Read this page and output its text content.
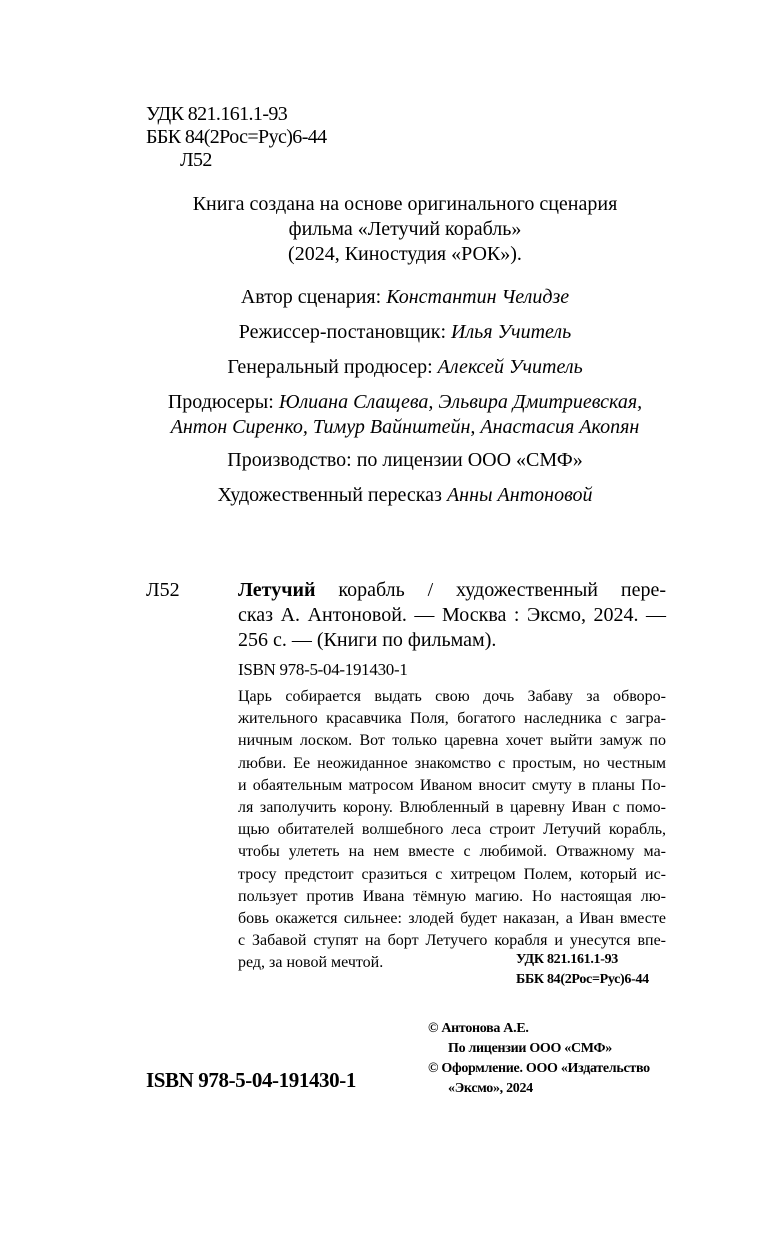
УДК 821.161.1-93
ББК 84(2Рос=Рус)6-44
Л52
Книга создана на основе оригинального сценария
фильма «Летучий корабль»
(2024, Киностудия «РОК»).
Автор сценария: Константин Челидзе
Режиссер-постановщик: Илья Учитель
Генеральный продюсер: Алексей Учитель
Продюсеры: Юлиана Слащева, Эльвира Дмитриевская,
Антон Сиренко, Тимур Вайнштейн, Анастасия Акопян
Производство: по лицензии ООО «СМФ»
Художественный пересказ Анны Антоновой
Л52	Летучий корабль / художественный пере-
сказ А. Антоновой. — Москва : Эксмо, 2024. —
256 с. — (Книги по фильмам).
ISBN 978-5-04-191430-1
Царь собирается выдать свою дочь Забаву за обворо-
жительного красавчика Поля, богатого наследника с загра-
ничным лоском. Вот только царевна хочет выйти замуж по
любви. Ее неожиданное знакомство с простым, но честным
и обаятельным матросом Иваном вносит смуту в планы По-
ля заполучить корону. Влюбленный в царевну Иван с помо-
щью обитателей волшебного леса строит Летучий корабль,
чтобы улететь на нем вместе с любимой. Отважному ма-
тросу предстоит сразиться с хитрецом Полем, который ис-
пользует против Ивана тёмную магию. Но настоящая лю-
бовь окажется сильнее: злодей будет наказан, а Иван вместе
с Забавой ступят на борт Летучего корабля и унесутся впе-
ред, за новой мечтой.	УДК 821.161.1-93
ББК 84(2Рос=Рус)6-44
© Антонова А.Е.
По лицензии ООО «СМФ»
© Оформление. ООО «Издательство
«Эксмо», 2024
ISBN 978-5-04-191430-1
